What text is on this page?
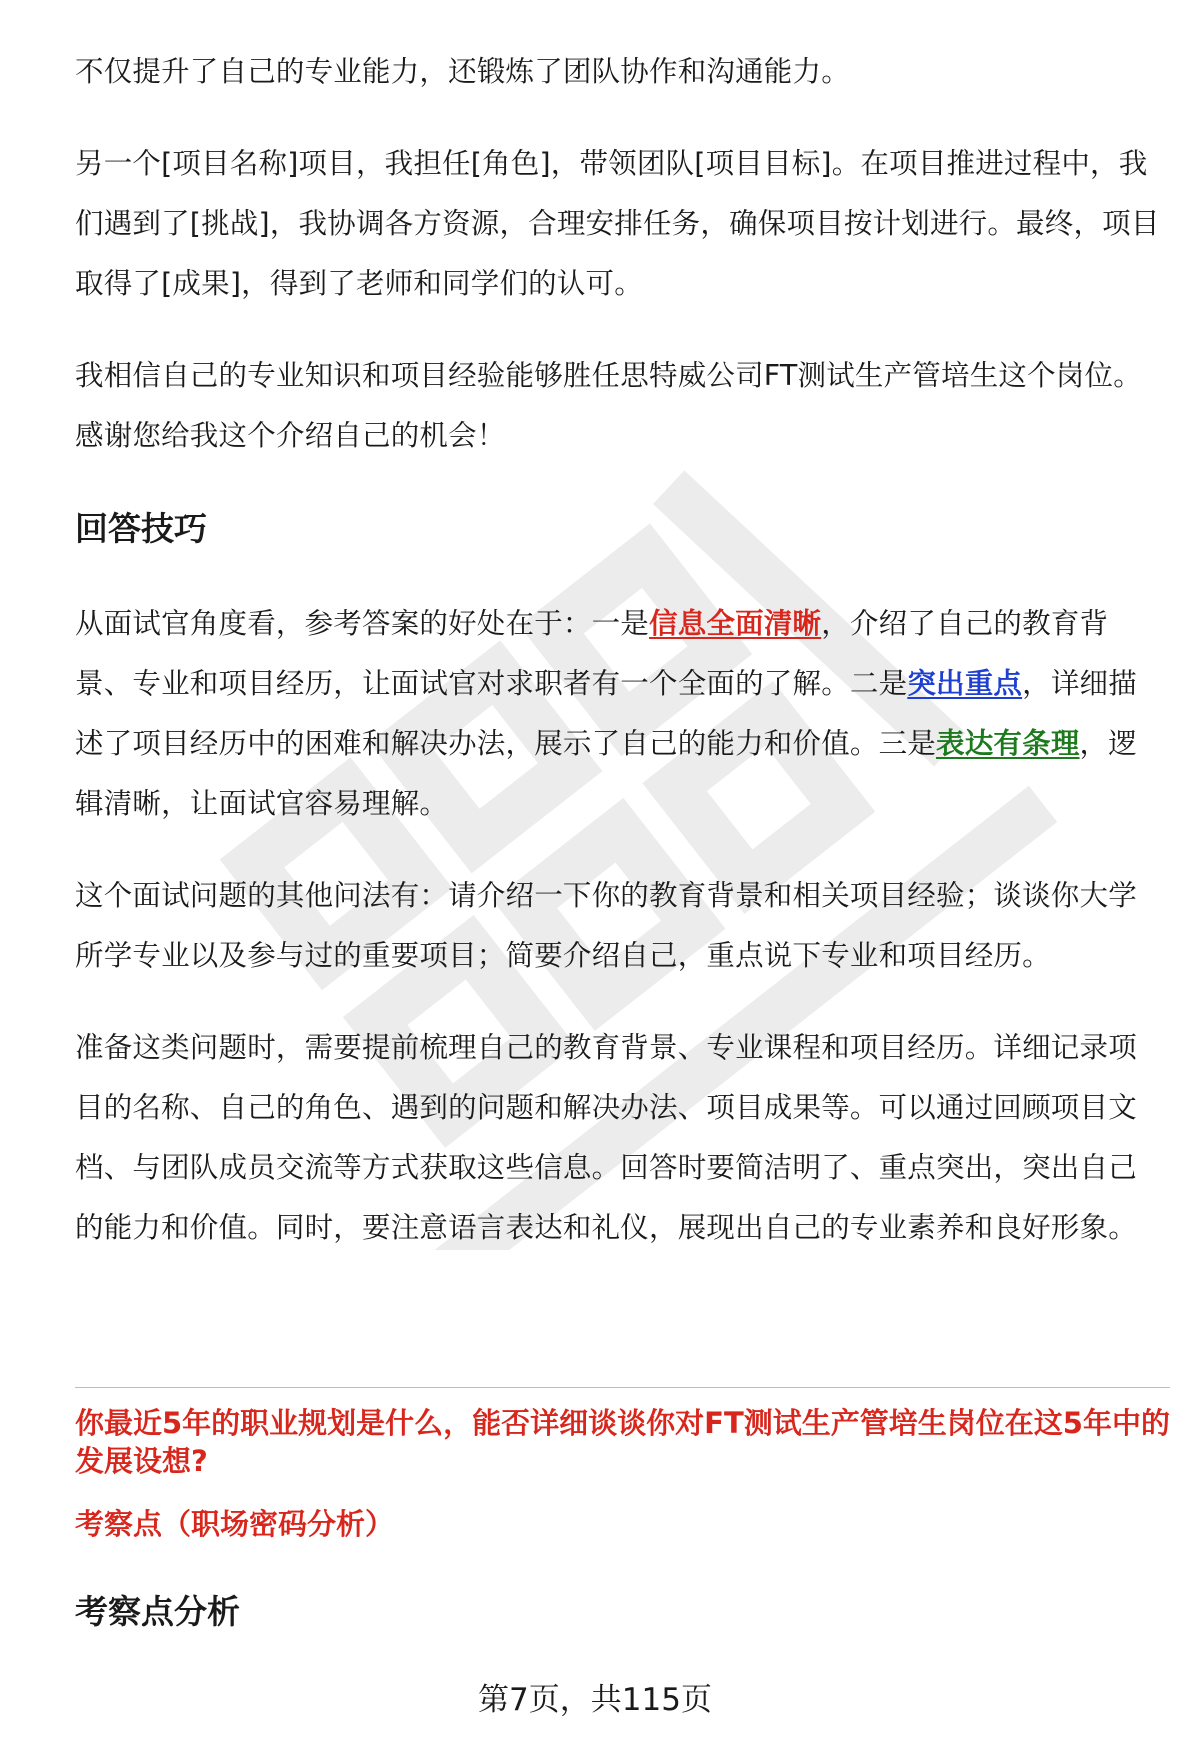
不仅提升了自己的专业能力，还锻炼了团队协作和沟通能力。

另一个[项目名称]项目，我担任[角色]，带领团队[项目目标]。在项目推进过程中，我们遇到了[挑战]，我协调各方资源，合理安排任务，确保项目按计划进行。最终，项目取得了[成果]，得到了老师和同学们的认可。

我相信自己的专业知识和项目经验能够胜任思特威公司FT测试生产管培生这个岗位。感谢您给我这个介绍自己的机会！

回答技巧

从面试官角度看，参考答案的好处在于：一是信息全面清晰，介绍了自己的教育背景、专业和项目经历，让面试官对求职者有一个全面的了解。二是突出重点，详细描述了项目经历中的困难和解决办法，展示了自己的能力和价值。三是表达有条理，逻辑清晰，让面试官容易理解。

这个面试问题的其他问法有：请介绍一下你的教育背景和相关项目经验；谈谈你大学所学专业以及参与过的重要项目；简要介绍自己，重点说下专业和项目经历。

准备这类问题时，需要提前梳理自己的教育背景、专业课程和项目经历。详细记录项目的名称、自己的角色、遇到的问题和解决办法、项目成果等。可以通过回顾项目文档、与团队成员交流等方式获取这些信息。回答时要简洁明了、重点突出，突出自己的能力和价值。同时，要注意语言表达和礼仪，展现出自己的专业素养和良好形象。

你最近5年的职业规划是什么，能否详细谈谈你对FT测试生产管培生岗位在这5年中的发展设想?

考察点（职场密码分析）
考察点分析
第7页，共115页
